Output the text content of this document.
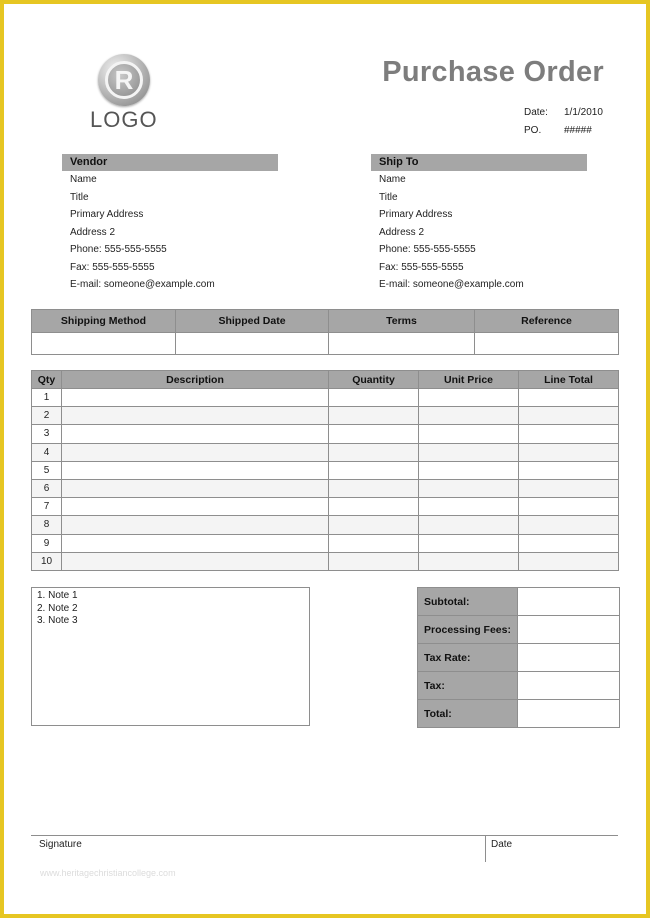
R
LOGO
Purchase Order
Date:	1/1/2010
PO.	#####
Vendor
Name
Title
Primary Address
Address 2
Phone: 555-555-5555
Fax: 555-555-5555
E-mail: someone@example.com
Ship To
Name
Title
Primary Address
Address 2
Phone: 555-555-5555
Fax: 555-555-5555
E-mail: someone@example.com
Shipping Method	Shipped Date	Terms	Reference

Qty	Description	Quantity	Unit Price	Line Total
1				
2				
3				
4				
5				
6				
7				
8				
9				
10				
1. Note 1
2. Note 2
3. Note 3
Subtotal:	
Processing Fees:	
Tax Rate:	
Tax:	
Total:	
Signature	Date
www.heritagechristiancollege.com
